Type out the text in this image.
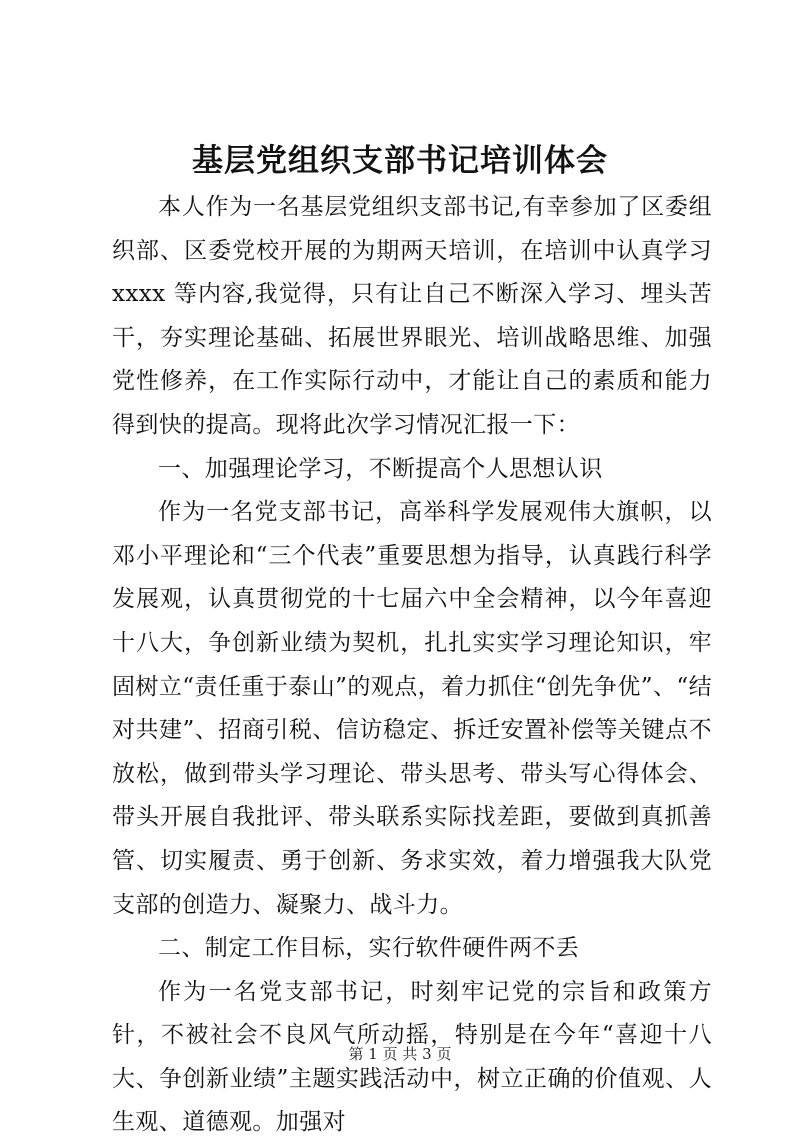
基层党组织支部书记培训体会

本人作为一名基层党组织支部书记,有幸参加了区委组织部、区委党校开展的为期两天培训，在培训中认真学习 xxxx 等内容,我觉得，只有让自己不断深入学习、埋头苦干，夯实理论基础、拓展世界眼光、培训战略思维、加强党性修养，在工作实际行动中，才能让自己的素质和能力得到快的提高。现将此次学习情况汇报一下：

一、加强理论学习，不断提高个人思想认识

作为一名党支部书记，高举科学发展观伟大旗帜，以邓小平理论和“三个代表”重要思想为指导，认真践行科学发展观，认真贯彻党的十七届六中全会精神，以今年喜迎十八大，争创新业绩为契机，扎扎实实学习理论知识，牢固树立“责任重于泰山”的观点，着力抓住“创先争优”、“结对共建”、招商引税、信访稳定、拆迁安置补偿等关键点不放松，做到带头学习理论、带头思考、带头写心得体会、带头开展自我批评、带头联系实际找差距，要做到真抓善管、切实履责、勇于创新、务求实效，着力增强我大队党支部的创造力、凝聚力、战斗力。

二、制定工作目标，实行软件硬件两不丢

作为一名党支部书记，时刻牢记党的宗旨和政策方针，不被社会不良风气所动摇，特别是在今年“喜迎十八大、争创新业绩”主题实践活动中，树立正确的价值观、人生观、道德观。加强对

第 1 页 共 3 页
